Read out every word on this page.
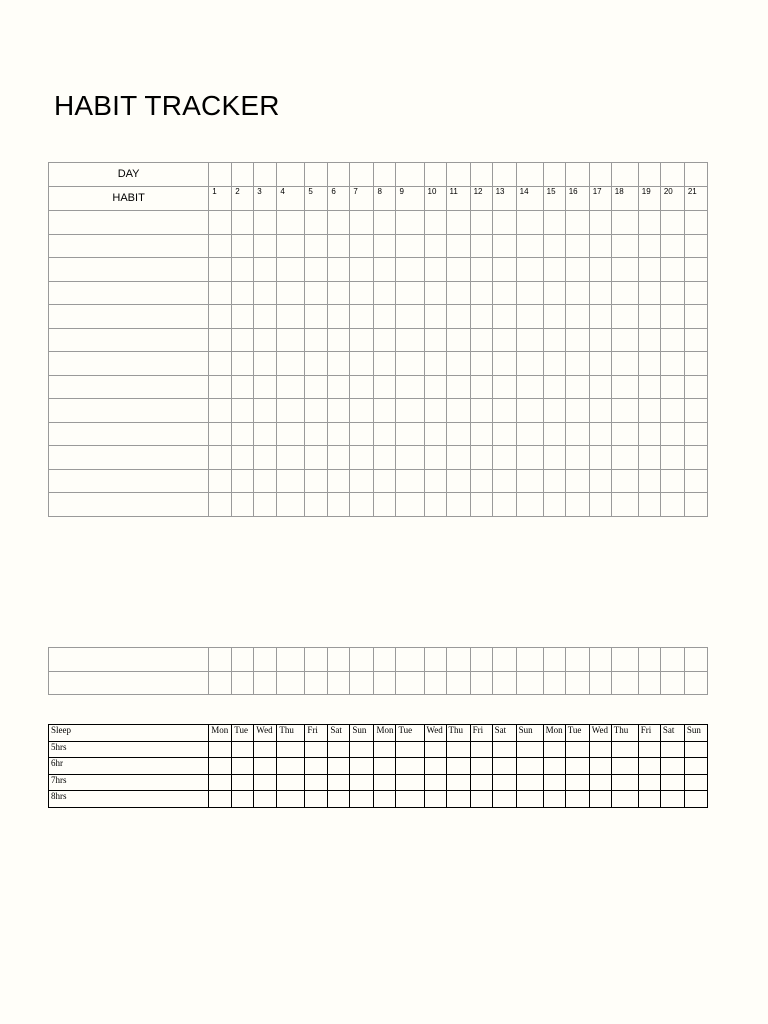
HABIT TRACKER
DAY																					
HABIT	1	2	3	4	5	6	7	8	9	10	11	12	13	14	15	16	17	18	19	20	21

Sleep	Mon	Tue	Wed	Thu	Fri	Sat	Sun	Mon	Tue	Wed	Thu	Fri	Sat	Sun	Mon	Tue	Wed	Thu	Fri	Sat	Sun
5hrs																					
6hr																					
7hrs																					
8hrs																					
